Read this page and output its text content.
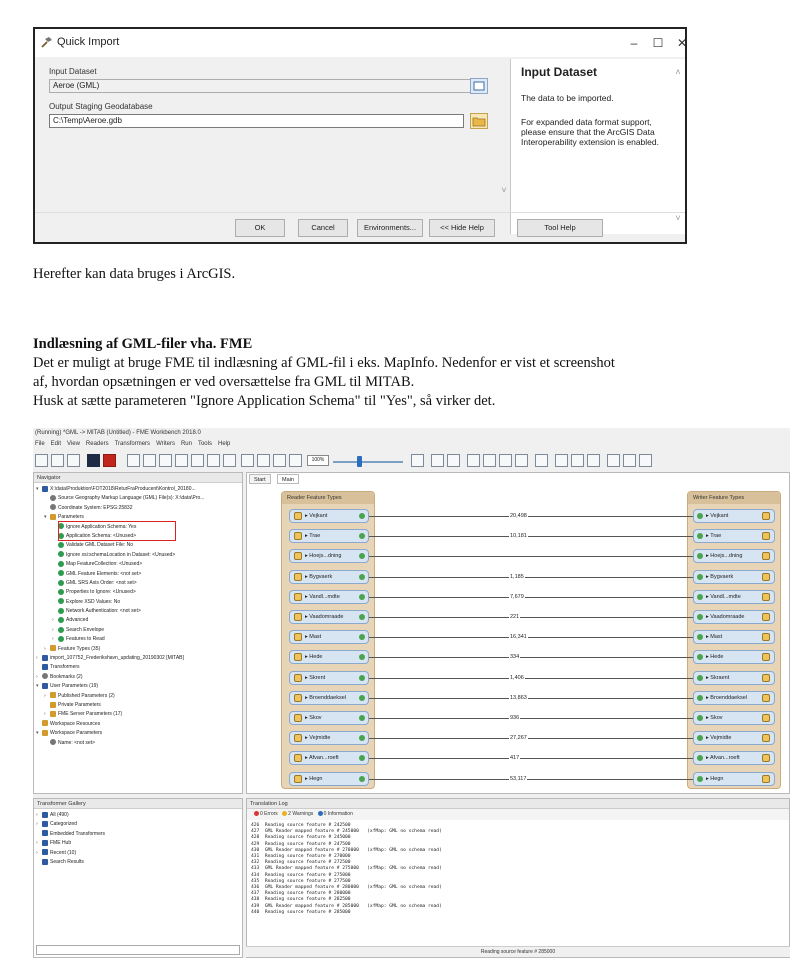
Quick Import	–	☐	✕
Input Dataset
Aeroe (GML)
Output Staging Geodatabase
C:\Temp\Aeroe.gdb
Input Dataset

The data to be imported.

For expanded data format support, please ensure that the ArcGIS Data Interoperability extension is enabled.

˄
˅
˅
OK	Cancel	Environments...	<< Hide Help	Tool Help
Herefter kan data bruges i ArcGIS.
Indlæsning af GML-filer vha. FME
Det er muligt at bruge FME til indlæsning af GML-fil i eks. MapInfo. Nedenfor er vist et screenshot
af, hvordan opsætningen er ved oversættelse fra GML til MITAB.
Husk at sætte parameteren "Ignore Application Schema" til "Yes", så virker det.
(Running) *GML -> MITAB (Untitled) - FME Workbench 2018.0
File Edit View Readers Transformers Writers Run Tools Help
100%
Navigator
▾ X:\data\Produktion\FOT2018\ReturFraProducent\Kontrol_20180...
Source Geography Markup Language (GML) File(s): X:\data\Pro...
Coordinate System: EPSG:25832
▾ Parameters
Ignore Application Schema: Yes
Application Schema: <Unused>
Validate GML Dataset File: No
Ignore xsi:schemaLocation in Dataset: <Unused>
Map FeatureCollection: <Unused>
GML Feature Elements: <not set>
GML SRS Axis Order: <not set>
Properties to Ignore: <Unused>
Explore XSD Values: No
Network Authentication: <not set>
› Advanced
› Search Envelope
› Features to Read
› Feature Types (35)
› import_107752_Frederikshavn_updating_20190302 [MITAB]
Transformers
› Bookmarks (2)
▾ User Parameters (19)
› Published Parameters (2)
Private Parameters
› FME Server Parameters (17)
Workspace Resources
▾ Workspace Parameters
Name: <not set>
Transformer Gallery
› All (490)
› Categorized
Embedded Transformers
› FME Hub
› Recent (10)
Search Results
Start	Main
Reader Feature Types	Writer Feature Types
▸ Vejkant	▸ Vejkant
20,498
▸ Trae	▸ Trae
10,181
▸ Hoejs...dning	▸ Hoejs...dning
▸ Bygvaerk	▸ Bygvaerk
1,185
▸ Vandl...mdte	▸ Vandl...mdte
7,679
▸ Vaadomraade	▸ Vaadomraade
221
▸ Mast	▸ Mast
16,341
▸ Hede	▸ Hede
334
▸ Skrent	▸ Skraent
1,406
▸ Broenddaeksel	▸ Broenddaeksel
13,863
▸ Skov	▸ Skov
936
▸ Vejmidte	▸ Vejmidte
27,267
▸ Afvan...roeft	▸ Afvan...roeft
417
▸ Hegn	▸ Hegn
53,117
Translation Log
0 Errors 2 Warnings 0 Information
426  Reading source feature # 242500
427  GML Reader mapped feature # 245000   (xfMap: GML no schema read)
428  Reading source feature # 245000
429  Reading source feature # 247500
430  GML Reader mapped feature # 270000   (xfMap: GML no schema read)
431  Reading source feature # 270000
432  Reading source feature # 272500
433  GML Reader mapped feature # 275000   (xfMap: GML no schema read)
434  Reading source feature # 275000
435  Reading source feature # 277500
436  GML Reader mapped feature # 280000   (xfMap: GML no schema read)
437  Reading source feature # 280000
438  Reading source feature # 282500
439  GML Reader mapped feature # 285000   (xfMap: GML no schema read)
440  Reading source feature # 285000
Reading source feature # 285000
